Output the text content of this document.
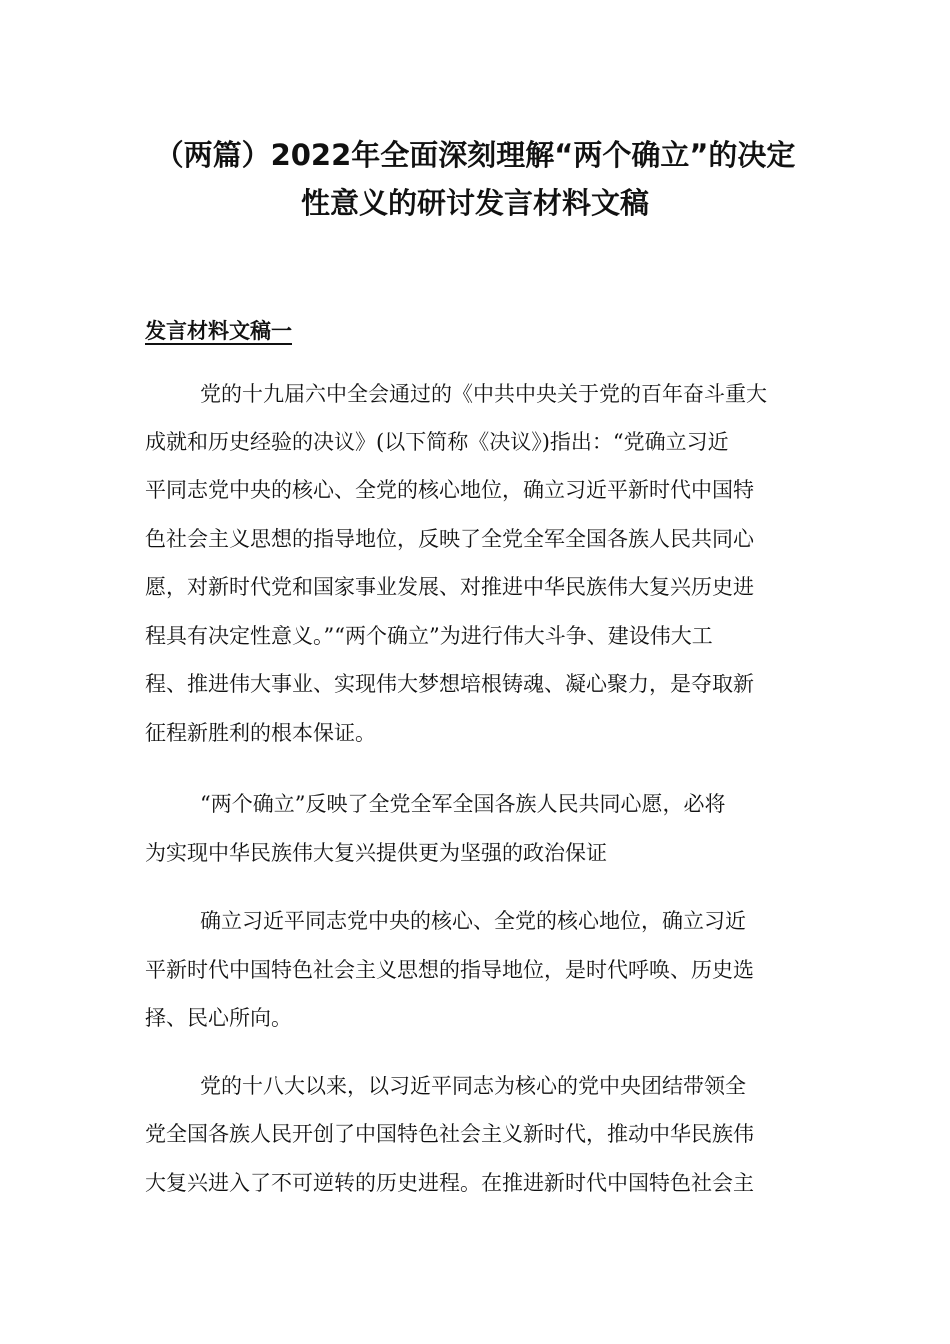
（两篇）2022年全面深刻理解“两个确立”的决定
性意义的研讨发言材料文稿
发言材料文稿一
党的十九届六中全会通过的《中共中央关于党的百年奋斗重大
成就和历史经验的决议》(以下简称《决议》)指出：“党确立习近
平同志党中央的核心、全党的核心地位，确立习近平新时代中国特
色社会主义思想的指导地位，反映了全党全军全国各族人民共同心
愿，对新时代党和国家事业发展、对推进中华民族伟大复兴历史进
程具有决定性意义。”“两个确立”为进行伟大斗争、建设伟大工
程、推进伟大事业、实现伟大梦想培根铸魂、凝心聚力，是夺取新
征程新胜利的根本保证。
“两个确立”反映了全党全军全国各族人民共同心愿，必将
为实现中华民族伟大复兴提供更为坚强的政治保证
确立习近平同志党中央的核心、全党的核心地位，确立习近
平新时代中国特色社会主义思想的指导地位，是时代呼唤、历史选
择、民心所向。
党的十八大以来，以习近平同志为核心的党中央团结带领全
党全国各族人民开创了中国特色社会主义新时代，推动中华民族伟
大复兴进入了不可逆转的历史进程。在推进新时代中国特色社会主
